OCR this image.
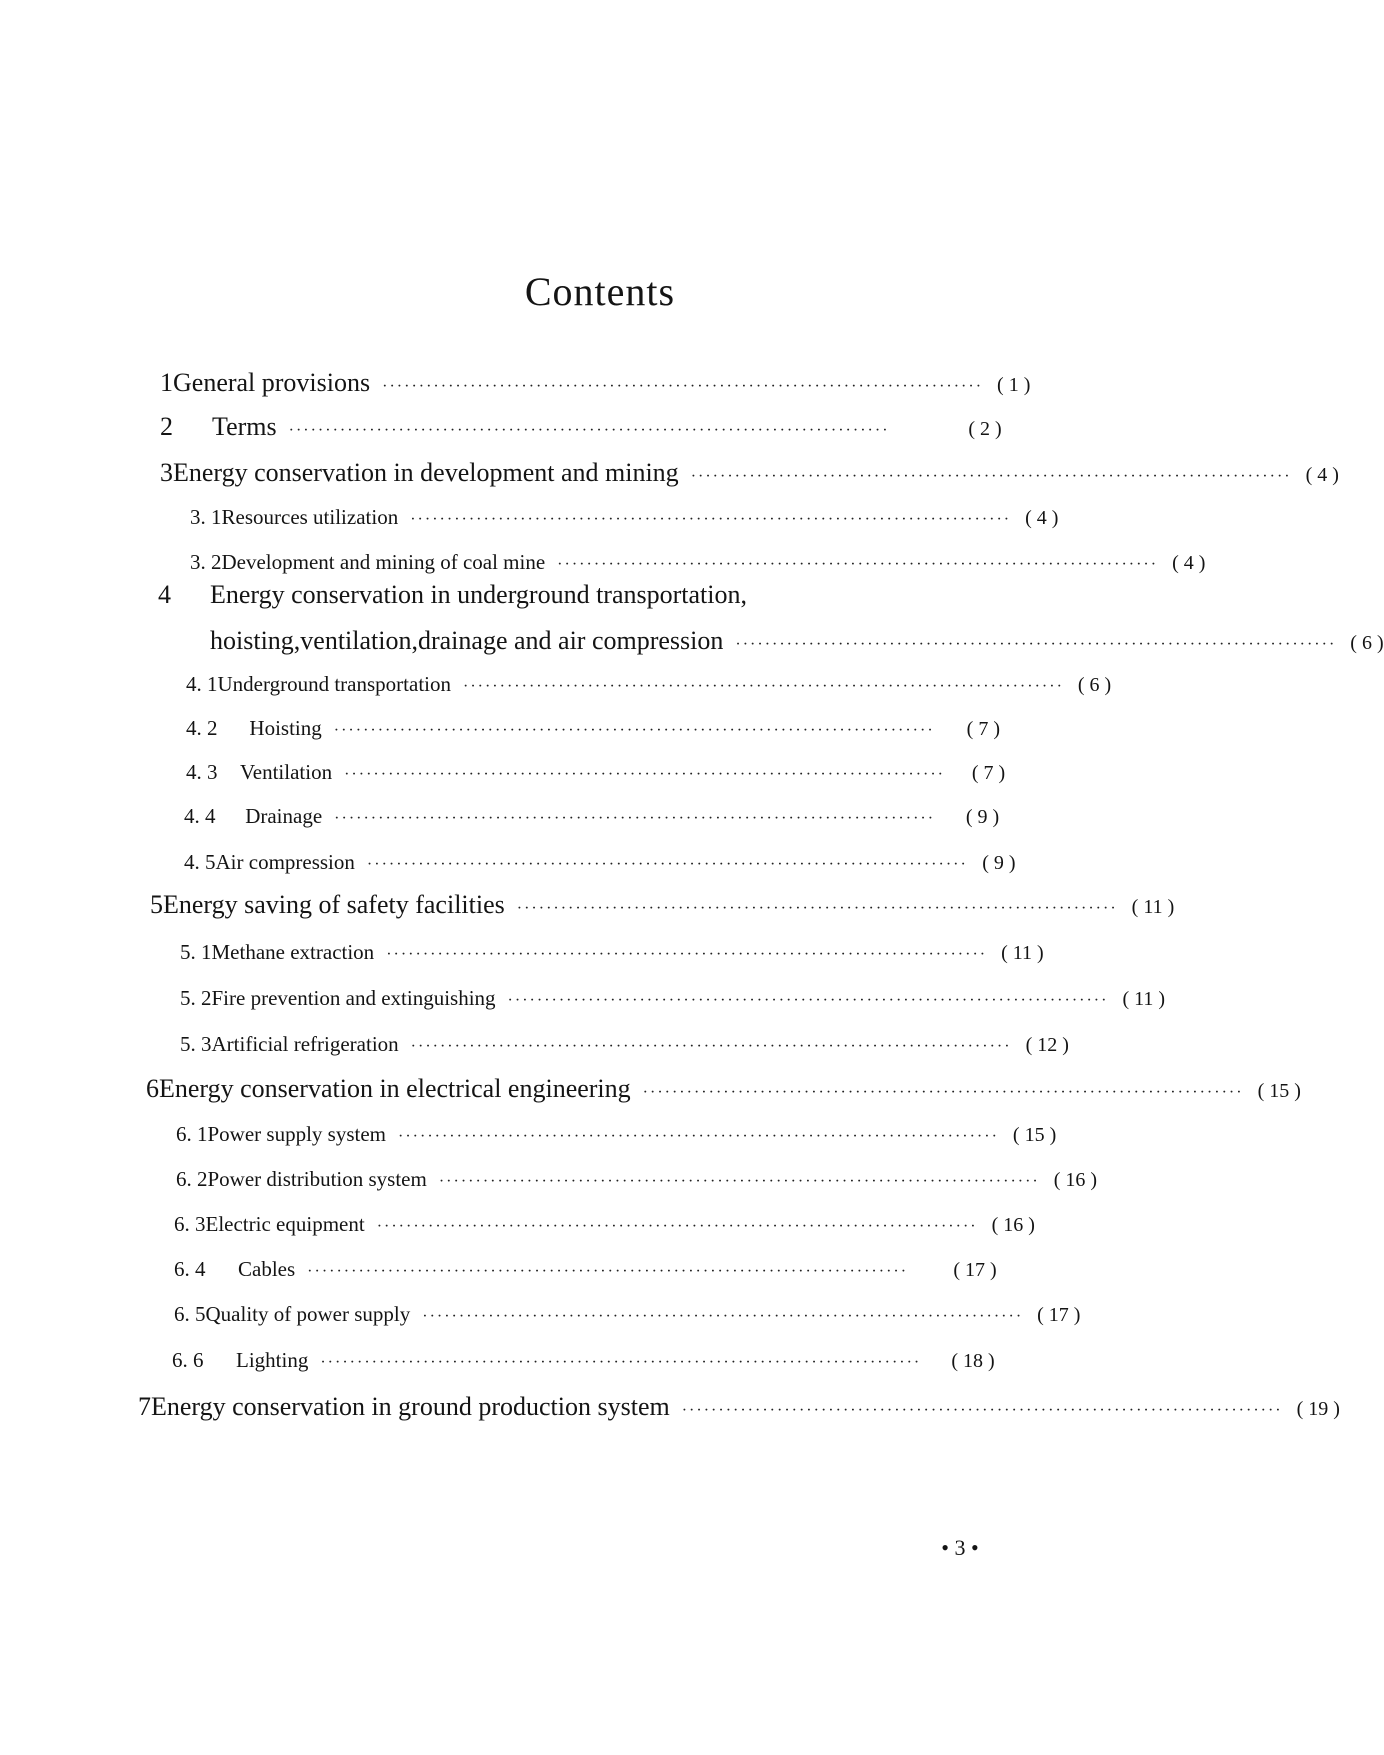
Contents
1 General provisions ·················································································· ( 1 )
2	Terms ··················································································	( 2 )
3 Energy conservation in development and mining ·················································································· ( 4 )
3. 1 Resources utilization ·················································································· ( 4 )
3. 2 Development and mining of coal mine ·················································································· ( 4 )
4 Energy conservation in underground transportation,
hoisting,ventilation,drainage and air compression ·················································································· ( 6 )
4. 1 Underground transportation ·················································································· ( 6 )
4. 2	Hoisting ··················································································	( 7 )
4. 3	Ventilation ··················································································	( 7 )
4. 4	Drainage ··················································································	( 9 )
4. 5 Air compression ·················································································· ( 9 )
5 Energy saving of safety facilities ·················································································· ( 11 )
5. 1 Methane extraction ·················································································· ( 11 )
5. 2 Fire prevention and extinguishing ·················································································· ( 11 )
5. 3 Artificial refrigeration ·················································································· ( 12 )
6 Energy conservation in electrical engineering ·················································································· ( 15 )
6. 1 Power supply system ·················································································· ( 15 )
6. 2 Power distribution system ·················································································· ( 16 )
6. 3 Electric equipment ·················································································· ( 16 )
6. 4	Cables ··················································································	( 17 )
6. 5 Quality of power supply ·················································································· ( 17 )
6. 6	Lighting ··················································································	( 18 )
7 Energy conservation in ground production system ·················································································· ( 19 )
• 3 •
